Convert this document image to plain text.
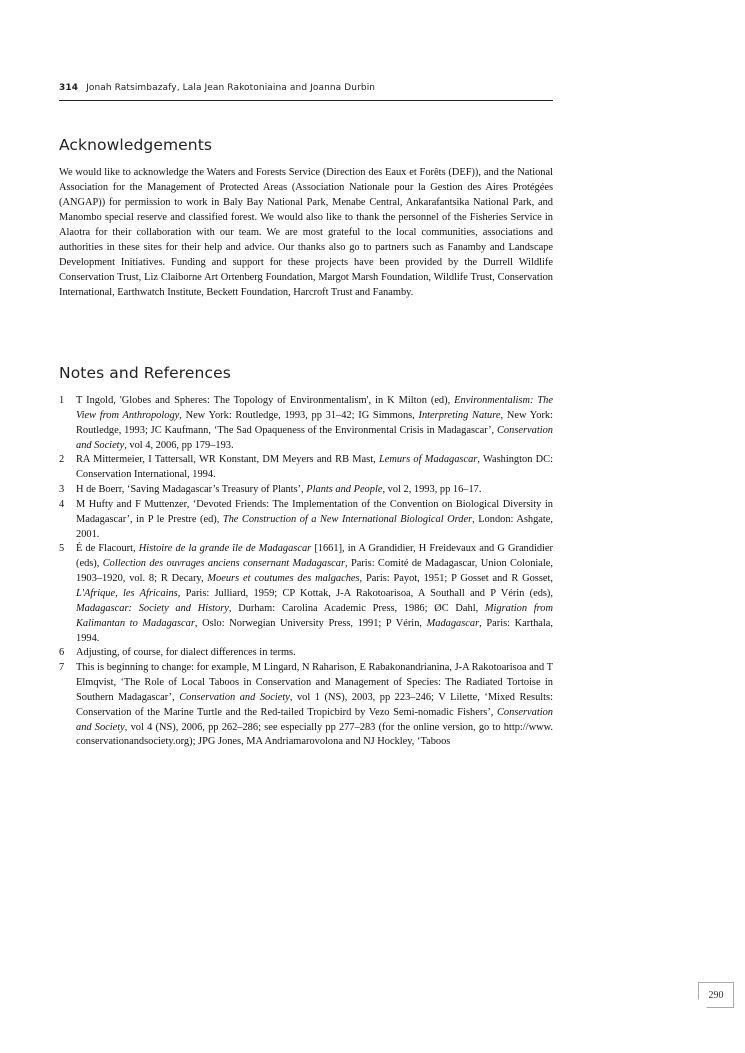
314 Jonah Ratsimbazafy, Lala Jean Rakotoniaina and Joanna Durbin
Acknowledgements

We would like to acknowledge the Waters and Forests Service (Direction des Eaux et Forêts (DEF)), and the National Association for the Management of Protected Areas (Association Nationale pour la Gestion des Aires Protégées (ANGAP)) for permission to work in Baly Bay National Park, Menabe Central, Ankarafantsika National Park, and Manombo special reserve and classified forest. We would also like to thank the personnel of the Fisheries Service in Alaotra for their collaboration with our team. We are most grateful to the local communities, associations and authorities in these sites for their help and advice. Our thanks also go to partners such as Fanamby and Landscape Development Initiatives. Funding and support for these projects have been provided by the Durrell Wildlife Conservation Trust, Liz Claiborne Art Ortenberg Foundation, Margot Marsh Foundation, Wildlife Trust, Conservation International, Earthwatch Institute, Beckett Foundation, Harcroft Trust and Fanamby.

Notes and References
1	T Ingold, 'Globes and Spheres: The Topology of Environmentalism', in K Milton (ed), Environmentalism: The View from Anthropology, New York: Routledge, 1993, pp 31–42; IG Simmons, Interpreting Nature, New York: Routledge, 1993; JC Kaufmann, ‘The Sad Opaqueness of the Environmental Crisis in Madagascar’, Conservation and Society, vol 4, 2006, pp 179–193.
2	RA Mittermeier, I Tattersall, WR Konstant, DM Meyers and RB Mast, Lemurs of Madagascar, Washington DC: Conservation International, 1994.
3	H de Boerr, ‘Saving Madagascar’s Treasury of Plants’, Plants and People, vol 2, 1993, pp 16–17.
4	M Hufty and F Muttenzer, ‘Devoted Friends: The Implementation of the Convention on Biological Diversity in Madagascar’, in P le Prestre (ed), The Construction of a New International Biological Order, London: Ashgate, 2001.
5	É de Flacourt, Histoire de la grande île de Madagascar [1661], in A Grandidier, H Freidevaux and G Grandidier (eds), Collection des ouvrages anciens consernant Madagascar, Paris: Comité de Madagascar, Union Coloniale, 1903–1920, vol. 8; R Decary, Moeurs et coutumes des malgaches, Paris: Payot, 1951; P Gosset and R Gosset, L'Afrique, les Africains, Paris: Julliard, 1959; CP Kottak, J-A Rakotoarisoa, A Southall and P Vérin (eds), Madagascar: Society and History, Durham: Carolina Academic Press, 1986; ØC Dahl, Migration from Kalimantan to Madagascar, Oslo: Norwegian University Press, 1991; P Vérin, Madagascar, Paris: Karthala, 1994.
6	Adjusting, of course, for dialect differences in terms.
7	This is beginning to change: for example, M Lingard, N Raharison, E Rabakonandrianina, J-A Rakotoarisoa and T Elmqvist, ‘The Role of Local Taboos in Conservation and Management of Species: The Radiated Tortoise in Southern Madagascar’, Conservation and Society, vol 1 (NS), 2003, pp 223–246; V Lilette, ‘Mixed Results: Conservation of the Marine Turtle and the Red-tailed Tropicbird by Vezo Semi-nomadic Fishers’, Conservation and Society, vol 4 (NS), 2006, pp 262–286; see especially pp 277–283 (for the online version, go to http://www. conservationandsociety.org); JPG Jones, MA Andriamarovolona and NJ Hockley, ‘Taboos
290
